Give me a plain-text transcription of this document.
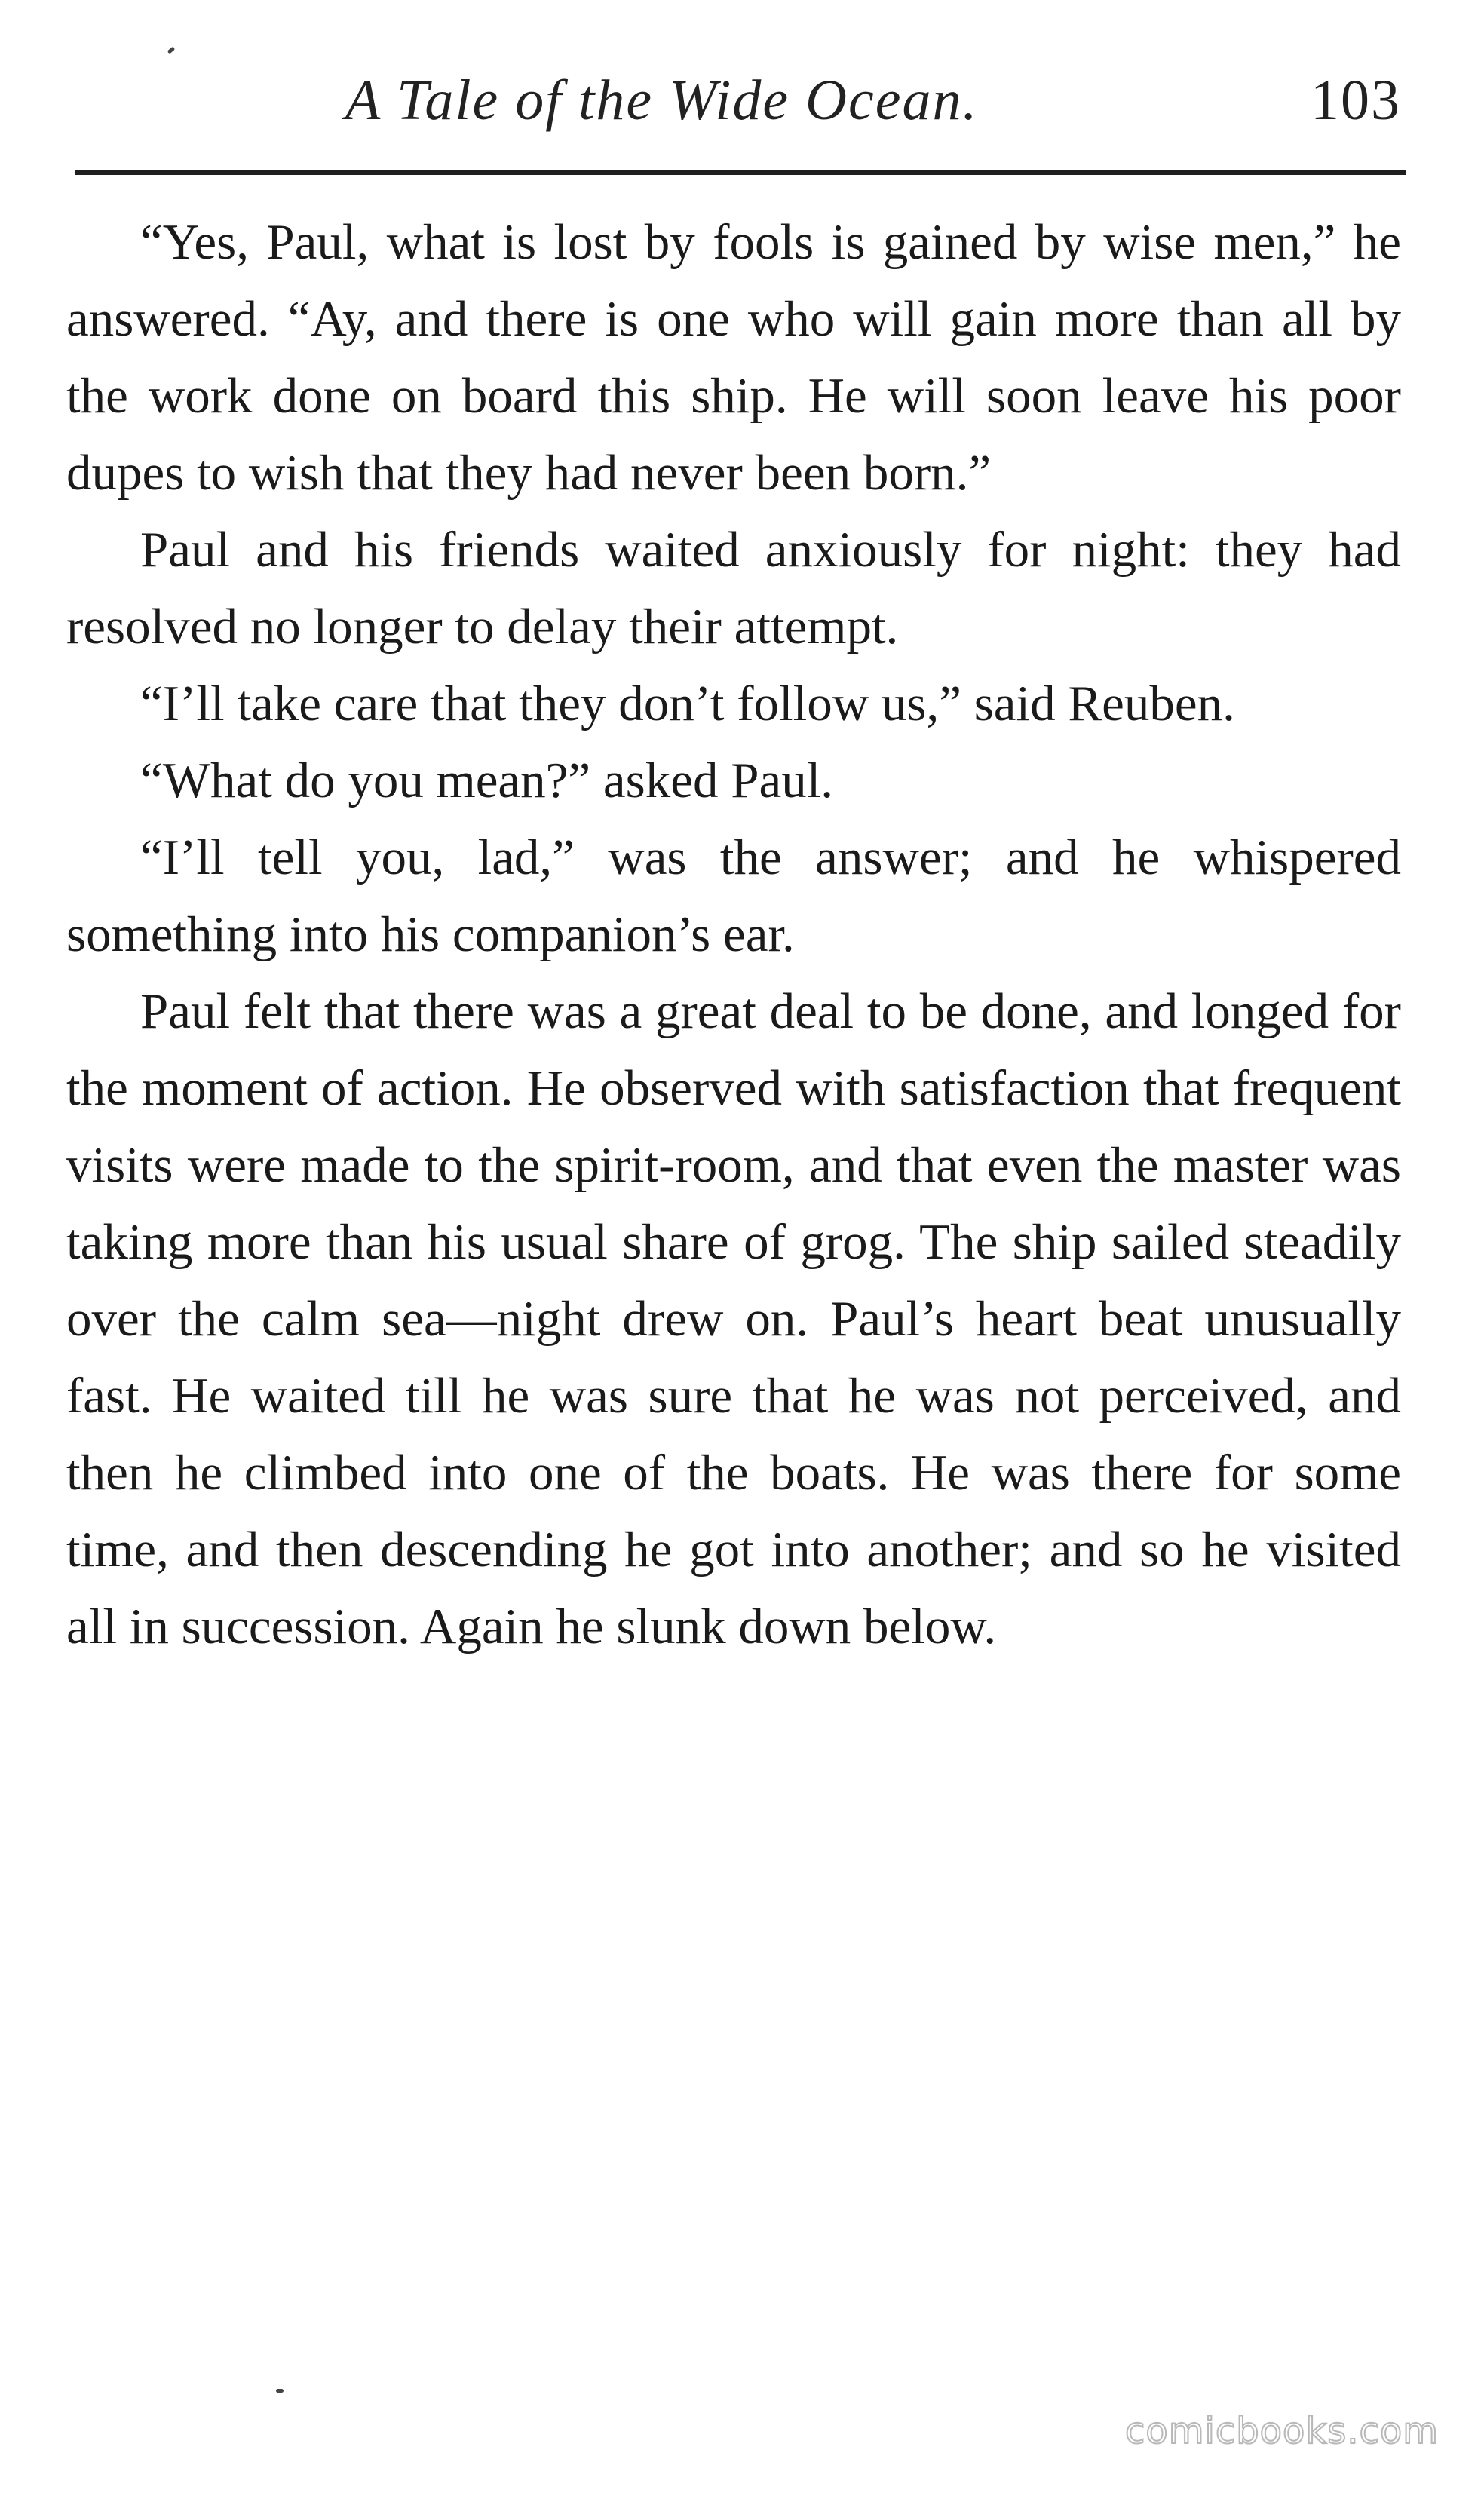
A Tale of the Wide Ocean.	103

“Yes, Paul, what is lost by fools is gained by wise men,” he answered. “Ay, and there is one who will gain more than all by the work done on board this ship. He will soon leave his poor dupes to wish that they had never been born.”

Paul and his friends waited anxiously for night: they had resolved no longer to delay their attempt.

“I’ll take care that they don’t follow us,” said Reuben.

“What do you mean?” asked Paul.

“I’ll tell you, lad,” was the answer; and he whispered something into his companion’s ear.

Paul felt that there was a great deal to be done, and longed for the moment of action. He observed with satisfaction that frequent visits were made to the spirit-room, and that even the master was taking more than his usual share of grog. The ship sailed steadily over the calm sea—night drew on. Paul’s heart beat unusually fast. He waited till he was sure that he was not perceived, and then he climbed into one of the boats. He was there for some time, and then descending he got into another; and so he visited all in succession. Again he slunk down below.

comicbooks.com
